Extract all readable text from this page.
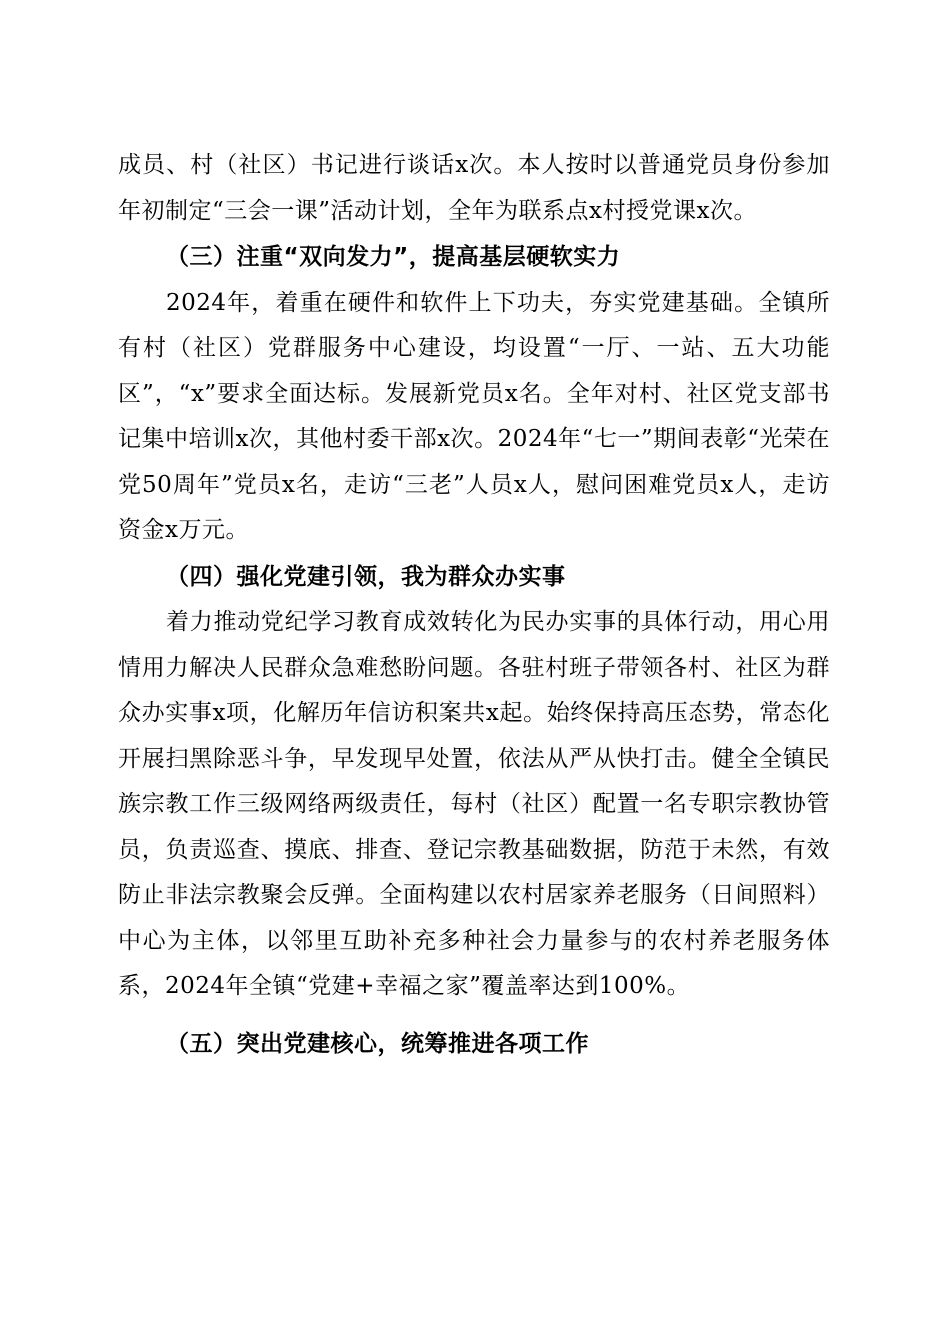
成员、村（社区）书记进行谈话x次。本人按时以普通党员身份参加年初制定“三会一课”活动计划，全年为联系点x村授党课x次。

（三）注重“双向发力”，提高基层硬软实力

2024年，着重在硬件和软件上下功夫，夯实党建基础。全镇所有村（社区）党群服务中心建设，均设置“一厅、一站、五大功能区”，“x”要求全面达标。发展新党员x名。全年对村、社区党支部书记集中培训x次，其他村委干部x次。2024年“七一”期间表彰“光荣在党50周年”党员x名，走访“三老”人员x人，慰问困难党员x人，走访资金x万元。

（四）强化党建引领，我为群众办实事

着力推动党纪学习教育成效转化为民办实事的具体行动，用心用情用力解决人民群众急难愁盼问题。各驻村班子带领各村、社区为群众办实事x项，化解历年信访积案共x起。始终保持高压态势，常态化开展扫黑除恶斗争，早发现早处置，依法从严从快打击。健全全镇民族宗教工作三级网络两级责任，每村（社区）配置一名专职宗教协管员，负责巡查、摸底、排查、登记宗教基础数据，防范于未然，有效防止非法宗教聚会反弹。全面构建以农村居家养老服务（日间照料）中心为主体，以邻里互助补充多种社会力量参与的农村养老服务体系，2024年全镇“党建+幸福之家”覆盖率达到100%。

（五）突出党建核心，统筹推进各项工作
